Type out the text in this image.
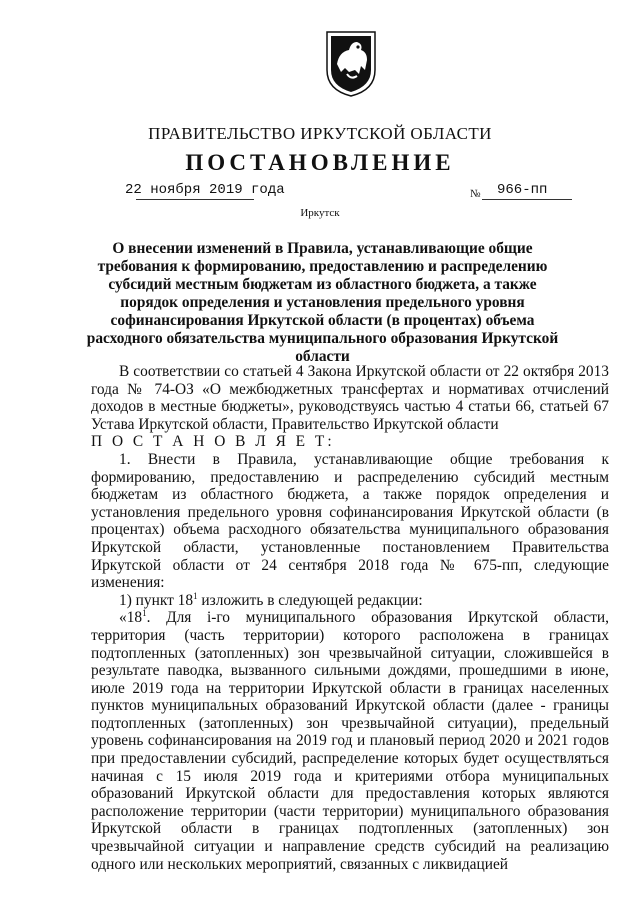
ПРАВИТЕЛЬСТВО ИРКУТСКОЙ ОБЛАСТИ
ПОСТАНОВЛЕНИЕ
22 ноября 2019 года	№ 966-пп
Иркутск
О внесении изменений в Правила, устанавливающие общие требования к формированию, предоставлению и распределению субсидий местным бюджетам из областного бюджета, а также порядок определения и установления предельного уровня софинансирования Иркутской области (в процентах) объема расходного обязательства муниципального образования Иркутской области

В соответствии со статьей 4 Закона Иркутской области от 22 октября 2013 года № 74-ОЗ «О межбюджетных трансфертах и нормативах отчислений доходов в местные бюджеты», руководствуясь частью 4 статьи 66, статьей 67 Устава Иркутской области, Правительство Иркутской области

П О С Т А Н О В Л Я Е Т:

1. Внести в Правила, устанавливающие общие требования к формированию, предоставлению и распределению субсидий местным бюджетам из областного бюджета, а также порядок определения и установления предельного уровня софинансирования Иркутской области (в процентах) объема расходного обязательства муниципального образования Иркутской области, установленные постановлением Правительства Иркутской области от 24 сентября 2018 года № 675-пп, следующие изменения:

1) пункт $18^1$ изложить в следующей редакции:

«$18^1$. Для i-го муниципального образования Иркутской области, территория (часть территории) которого расположена в границах подтопленных (затопленных) зон чрезвычайной ситуации, сложившейся в результате паводка, вызванного сильными дождями, прошедшими в июне, июле 2019 года на территории Иркутской области в границах населенных пунктов муниципальных образований Иркутской области (далее - границы подтопленных (затопленных) зон чрезвычайной ситуации), предельный уровень софинансирования на 2019 год и плановый период 2020 и 2021 годов при предоставлении субсидий, распределение которых будет осуществляться начиная с 15 июля 2019 года и критериями отбора муниципальных образований Иркутской области для предоставления которых являются расположение территории (части территории) муниципального образования Иркутской области в границах подтопленных (затопленных) зон чрезвычайной ситуации и направление средств субсидий на реализацию одного или нескольких мероприятий, связанных с ликвидацией
